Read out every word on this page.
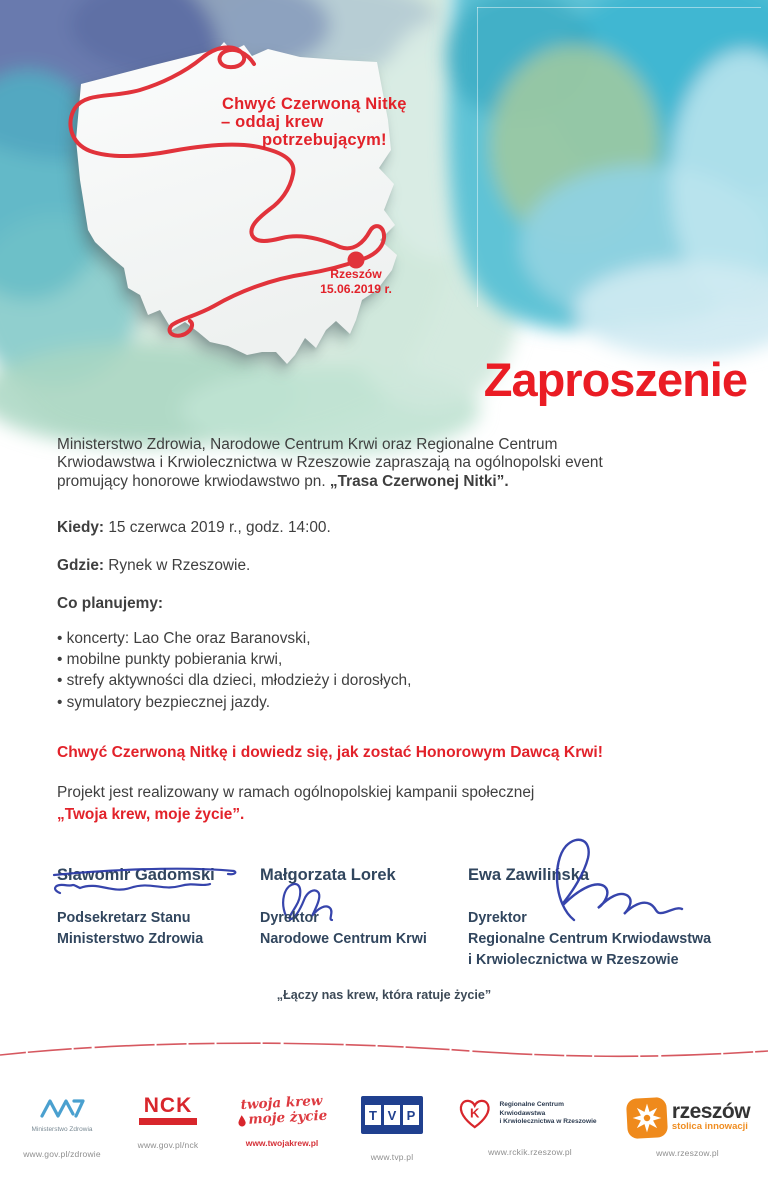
Chwyć Czerwoną Nitkę
– oddaj krew
potrzebującym!
Rzeszów
15.06.2019 r.
Zaproszenie
Ministerstwo Zdrowia, Narodowe Centrum Krwi oraz Regionalne Centrum
Krwiodawstwa i Krwiolecznictwa w Rzeszowie zapraszają na ogólnopolski event
promujący honorowe krwiodawstwo pn. „Trasa Czerwonej Nitki”.
Kiedy: 15 czerwca 2019 r., godz. 14:00.
Gdzie: Rynek w Rzeszowie.
Co planujemy:
• koncerty: Lao Che oraz Baranovski,
• mobilne punkty pobierania krwi,
• strefy aktywności dla dzieci, młodzieży i dorosłych,
• symulatory bezpiecznej jazdy.
Chwyć Czerwoną Nitkę i dowiedz się, jak zostać Honorowym Dawcą Krwi!
Projekt jest realizowany w ramach ogólnopolskiej kampanii społecznej
„Twoja krew, moje życie”.
Sławomir Gadomski	Małgorzata Lorek	Ewa Zawilińska
Podsekretarz Stanu
Ministerstwo Zdrowia
Dyrektor
Narodowe Centrum Krwi
Dyrektor
Regionalne Centrum Krwiodawstwa
i Krwiolecznictwa w Rzeszowie
„Łączy nas krew, która ratuje życie”
Ministerstwo Zdrowia
www.gov.pl/zdrowie
NCK
www.gov.pl/nck
twoja krew
moje życie
www.twojakrew.pl
T V P
www.tvp.pl
K
Regionalne Centrum Krwiodawstwa
i Krwiolecznictwa w Rzeszowie
www.rckik.rzeszow.pl
rzeszów
stolica innowacji
www.rzeszow.pl
